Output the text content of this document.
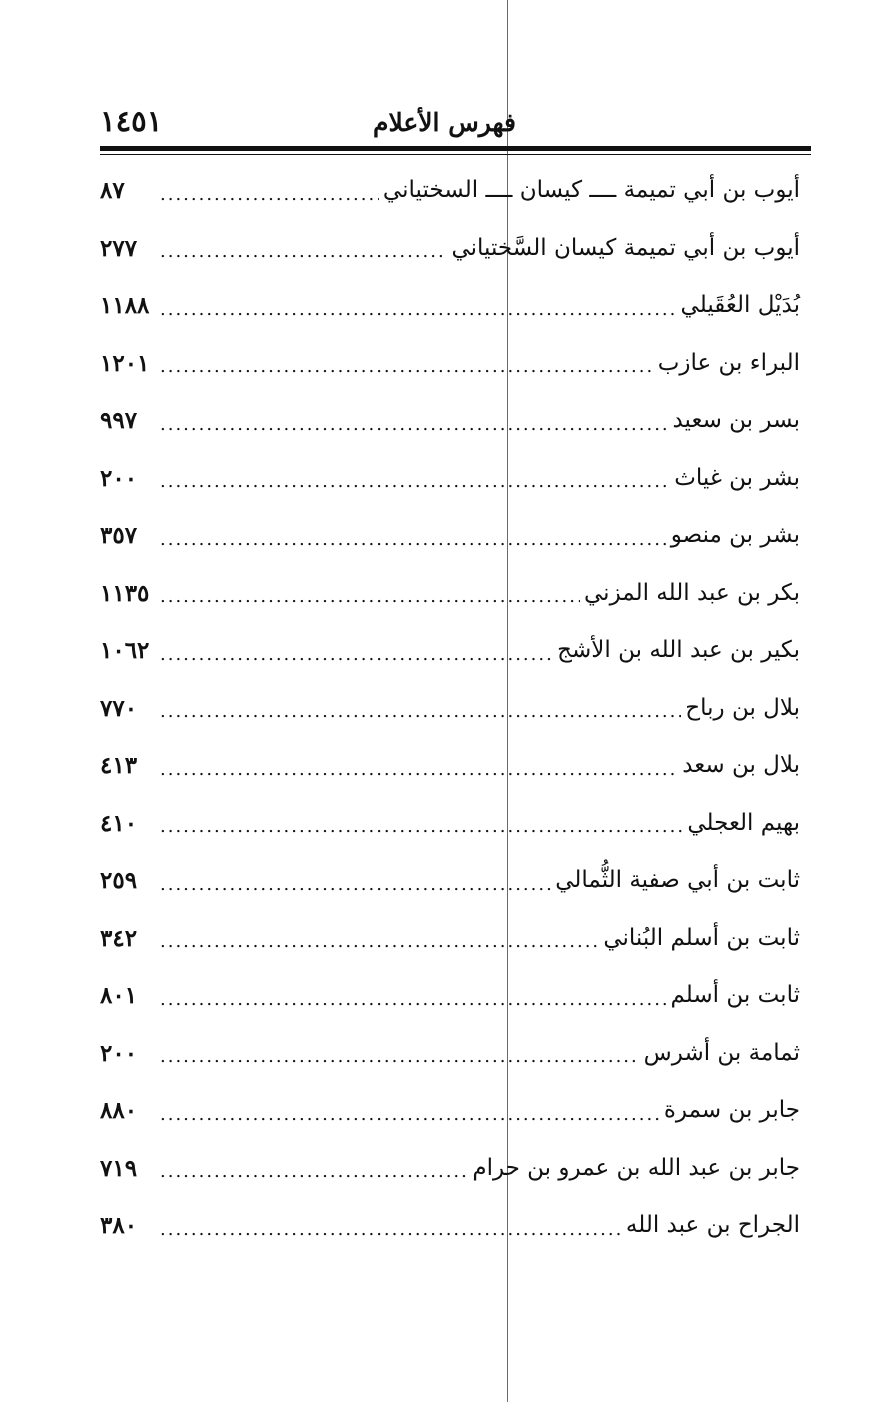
فهرس الأعلام
١٤٥١
أيوب بن أبي تميمة ــــ كيسان ــــ السختياني
.....
٨٧
أيوب بن أبي تميمة كيسان السَّختياني
.....
٢٧٧
بُدَيْل العُقَيلي
.....
١١٨٨
البراء بن عازب
.....
١٢٠١
بسر بن سعيد
.....
٩٩٧
بشر بن غياث
.....
٢٠٠
بشر بن منصو
.....
٣٥٧
بكر بن عبد الله المزني
.....
١١٣٥
بكير بن عبد الله بن الأشج
.....
١٠٦٢
بلال بن رباح
.....
٧٧٠
بلال بن سعد
.....
٤١٣
بهيم العجلي
.....
٤١٠
ثابت بن أبي صفية الثُّمالي
.....
٢٥٩
ثابت بن أسلم البُناني
.....
٣٤٢
ثابت بن أسلم
.....
٨٠١
ثمامة بن أشرس
.....
٢٠٠
جابر بن سمرة
.....
٨٨٠
جابر بن عبد الله بن عمرو بن حرام
.....
٧١٩
الجراح بن عبد الله
.....
٣٨٠
